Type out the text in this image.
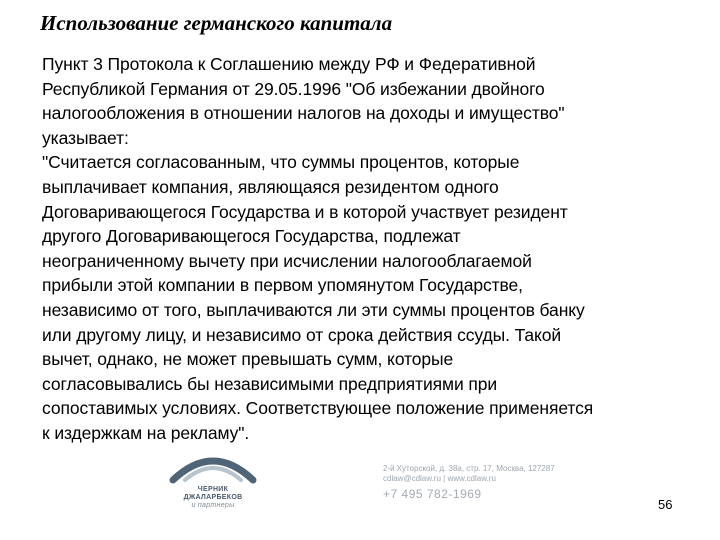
Использование германского капитала
Пункт 3 Протокола к Соглашению между РФ и Федеративной
Республикой Германия от 29.05.1996 "Об избежании двойного
налогообложения в отношении налогов на доходы и имущество"
указывает:
"Считается согласованным, что суммы процентов, которые
выплачивает компания, являющаяся резидентом одного
Договаривающегося Государства и в которой участвует резидент
другого Договаривающегося Государства, подлежат
неограниченному вычету при исчислении налогооблагаемой
прибыли этой компании в первом упомянутом Государстве,
независимо от того, выплачиваются ли эти суммы процентов банку
или другому лицу, и независимо от срока действия ссуды. Такой
вычет, однако, не может превышать сумм, которые
согласовывались бы независимыми предприятиями при
сопоставимых условиях. Соответствующее положение применяется
к издержкам на рекламу".
ЧЕРНИК
ДЖАЛАРБЕКОВ
и партнеры
2-й Хуторской, д. 38а, стр. 17, Москва, 127287
cdlaw@cdlaw.ru | www.cdlaw.ru
+7 495 782-1969
56
